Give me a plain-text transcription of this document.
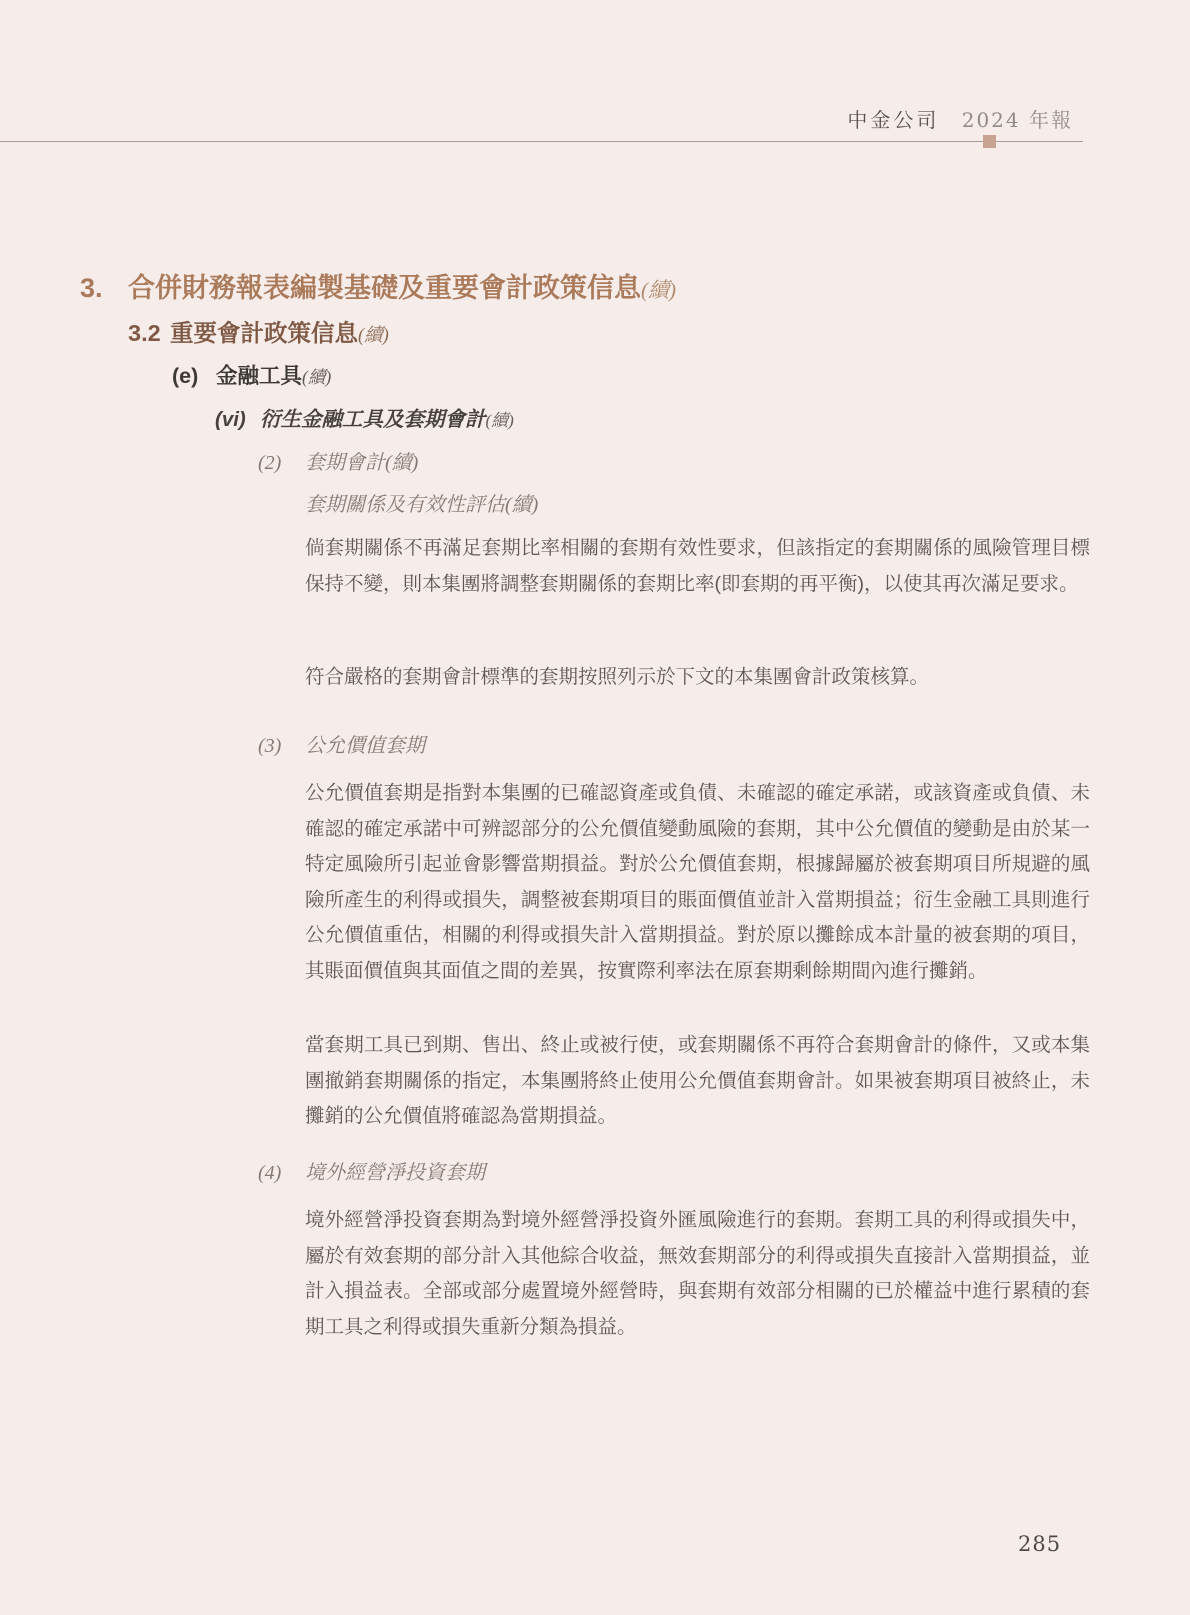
中金公司 2024 年報
3. 合併財務報表編製基礎及重要會計政策信息(續)
3.2 重要會計政策信息(續)
(e) 金融工具(續)
(vi) 衍生金融工具及套期會計(續)
(2)	套期會計(續)
套期關係及有效性評估(續)
倘套期關係不再滿足套期比率相關的套期有效性要求，但該指定的套期關係的風險管理目標保持不變，則本集團將調整套期關係的套期比率(即套期的再平衡)，以使其再次滿足要求。
符合嚴格的套期會計標準的套期按照列示於下文的本集團會計政策核算。
(3)	公允價值套期
公允價值套期是指對本集團的已確認資產或負債、未確認的確定承諾，或該資產或負債、未確認的確定承諾中可辨認部分的公允價值變動風險的套期，其中公允價值的變動是由於某一特定風險所引起並會影響當期損益。對於公允價值套期，根據歸屬於被套期項目所規避的風險所產生的利得或損失，調整被套期項目的賬面價值並計入當期損益；衍生金融工具則進行公允價值重估，相關的利得或損失計入當期損益。對於原以攤餘成本計量的被套期的項目，其賬面價值與其面值之間的差異，按實際利率法在原套期剩餘期間內進行攤銷。
當套期工具已到期、售出、終止或被行使，或套期關係不再符合套期會計的條件，又或本集團撤銷套期關係的指定，本集團將終止使用公允價值套期會計。如果被套期項目被終止，未攤銷的公允價值將確認為當期損益。
(4)	境外經營淨投資套期
境外經營淨投資套期為對境外經營淨投資外匯風險進行的套期。套期工具的利得或損失中，屬於有效套期的部分計入其他綜合收益，無效套期部分的利得或損失直接計入當期損益，並計入損益表。全部或部分處置境外經營時，與套期有效部分相關的已於權益中進行累積的套期工具之利得或損失重新分類為損益。
285
